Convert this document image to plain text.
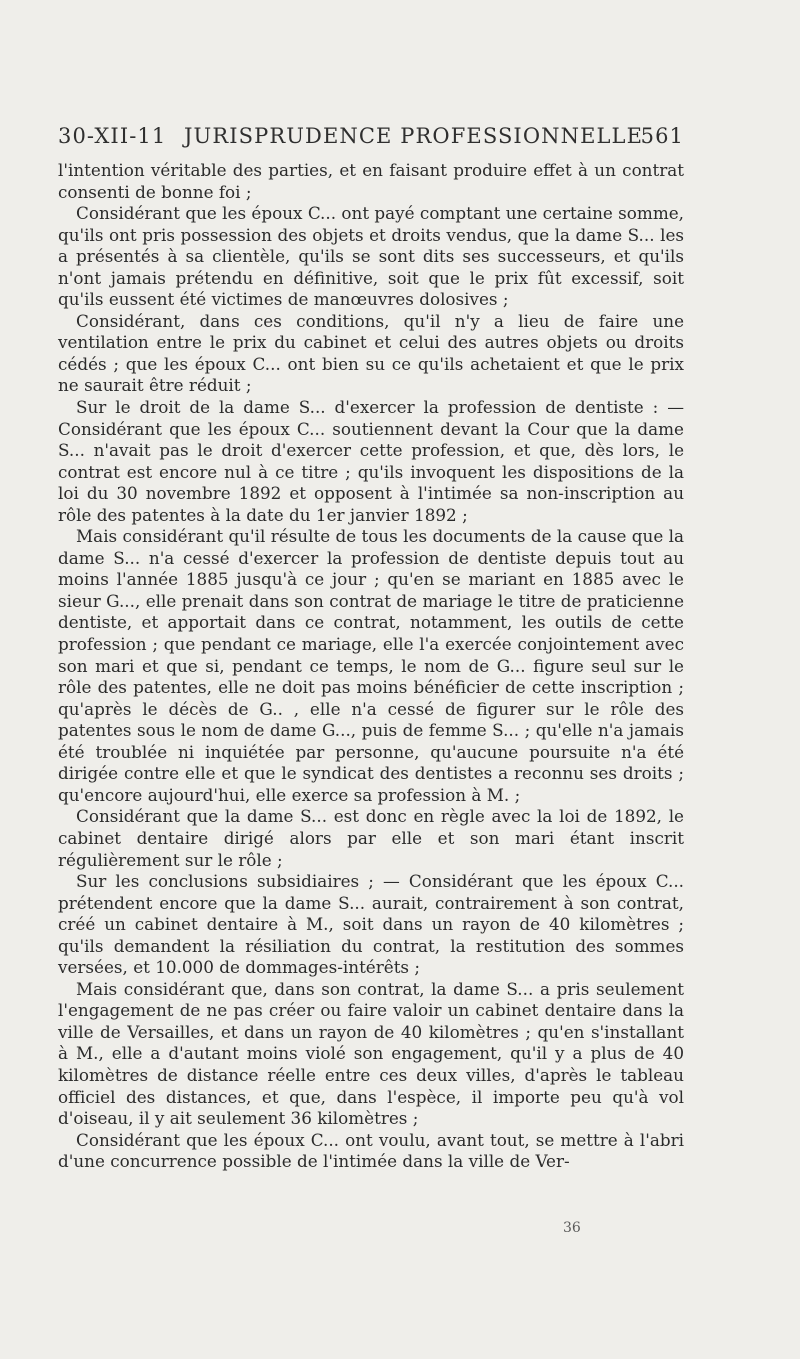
30-XII-11 JURISPRUDENCE PROFESSIONNELLE
561

l'intention véritable des parties, et en faisant produire effet à un contrat consenti de bonne foi ;

Considérant que les époux C... ont payé comptant une certaine somme, qu'ils ont pris possession des objets et droits vendus, que la dame S... les a présentés à sa clientèle, qu'ils se sont dits ses successeurs, et qu'ils n'ont jamais prétendu en définitive, soit que le prix fût excessif, soit qu'ils eussent été victimes de manœuvres dolosives ;

Considérant, dans ces conditions, qu'il n'y a lieu de faire une ventilation entre le prix du cabinet et celui des autres objets ou droits cédés ; que les époux C... ont bien su ce qu'ils achetaient et que le prix ne saurait être réduit ;

Sur le droit de la dame S... d'exercer la profession de dentiste : — Considérant que les époux C... soutiennent devant la Cour que la dame S... n'avait pas le droit d'exercer cette profession, et que, dès lors, le contrat est encore nul à ce titre ; qu'ils invoquent les dispositions de la loi du 30 novembre 1892 et opposent à l'intimée sa non-inscription au rôle des patentes à la date du 1er janvier 1892 ;

Mais considérant qu'il résulte de tous les documents de la cause que la dame S... n'a cessé d'exercer la profession de dentiste depuis tout au moins l'année 1885 jusqu'à ce jour ; qu'en se mariant en 1885 avec le sieur G..., elle prenait dans son contrat de mariage le titre de praticienne dentiste, et apportait dans ce contrat, notamment, les outils de cette profession ; que pendant ce mariage, elle l'a exercée conjointement avec son mari et que si, pendant ce temps, le nom de G... figure seul sur le rôle des patentes, elle ne doit pas moins bénéficier de cette inscription ; qu'après le décès de G.. , elle n'a cessé de figurer sur le rôle des patentes sous le nom de dame G..., puis de femme S... ; qu'elle n'a jamais été troublée ni inquiétée par personne, qu'aucune poursuite n'a été dirigée contre elle et que le syndicat des dentistes a reconnu ses droits ; qu'encore aujourd'hui, elle exerce sa profession à M. ;

Considérant que la dame S... est donc en règle avec la loi de 1892, le cabinet dentaire dirigé alors par elle et son mari étant inscrit régulièrement sur le rôle ;

Sur les conclusions subsidiaires ; — Considérant que les époux C... prétendent encore que la dame S... aurait, contrairement à son contrat, créé un cabinet dentaire à M., soit dans un rayon de 40 kilomètres ; qu'ils demandent la résiliation du contrat, la restitution des sommes versées, et 10.000 de dommages-intérêts ;

Mais considérant que, dans son contrat, la dame S... a pris seulement l'engagement de ne pas créer ou faire valoir un cabinet dentaire dans la ville de Versailles, et dans un rayon de 40 kilomètres ; qu'en s'installant à M., elle a d'autant moins violé son engagement, qu'il y a plus de 40 kilomètres de distance réelle entre ces deux villes, d'après le tableau officiel des distances, et que, dans l'espèce, il importe peu qu'à vol d'oiseau, il y ait seulement 36 kilomètres ;

Considérant que les époux C... ont voulu, avant tout, se mettre à l'abri d'une concurrence possible de l'intimée dans la ville de Ver-

36
